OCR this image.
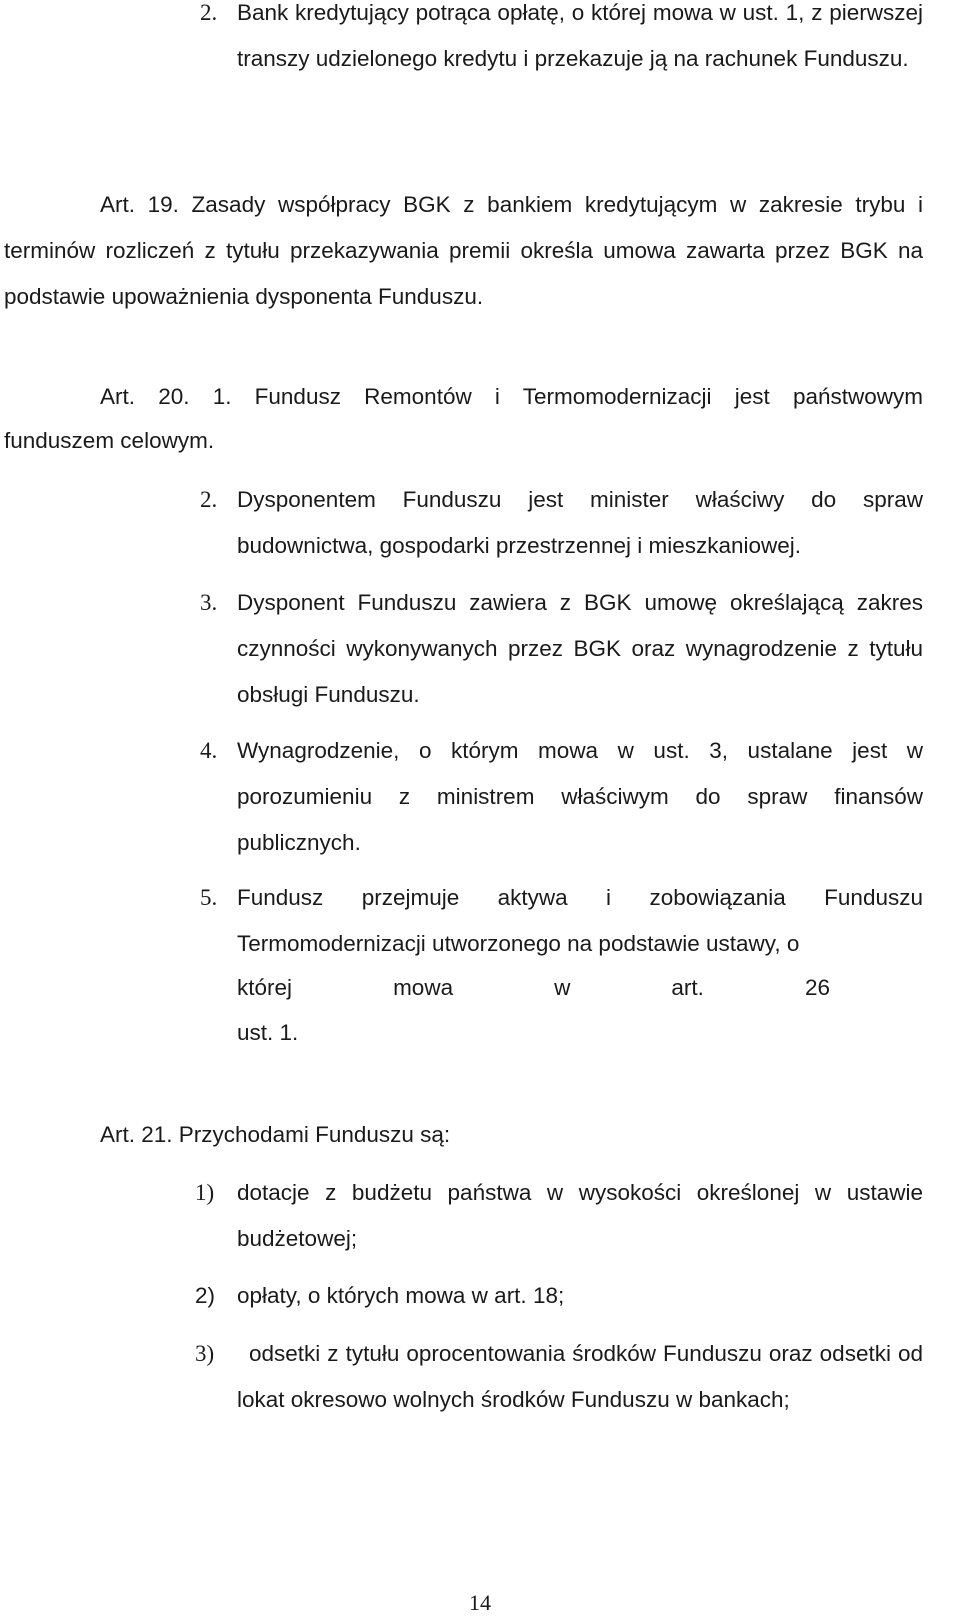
2. Bank kredytujący potrąca opłatę, o której mowa w ust. 1, z pierwszej transzy udzielonego kredytu i przekazuje ją na rachunek Funduszu.

Art. 19. Zasady współpracy BGK z bankiem kredytującym w zakresie trybu i terminów rozliczeń z tytułu przekazywania premii określa umowa zawarta przez BGK na podstawie upoważnienia dysponenta Funduszu.

Art. 20. 1. Fundusz Remontów i Termomodernizacji jest państwowym

funduszem celowym.

2. Dysponentem Funduszu jest minister właściwy do spraw budownictwa, gospodarki przestrzennej i mieszkaniowej.

3. Dysponent Funduszu zawiera z BGK umowę określającą zakres czynności wykonywanych przez BGK oraz wynagrodzenie z tytułu obsługi Funduszu.

4. Wynagrodzenie, o którym mowa w ust. 3, ustalane jest w porozumieniu z ministrem właściwym do spraw finansów publicznych.

5. Fundusz przejmuje aktywa i zobowiązania Funduszu Termomodernizacji utworzonego na podstawie ustawy, o

której mowa w art. 26

ust. 1.

Art. 21. Przychodami Funduszu są:

1) dotacje z budżetu państwa w wysokości określonej w ustawie budżetowej;

2) opłaty, o których mowa w art. 18;

3)	odsetki z tytułu oprocentowania środków Funduszu oraz odsetki od lokat okresowo wolnych środków Funduszu w bankach;

14
